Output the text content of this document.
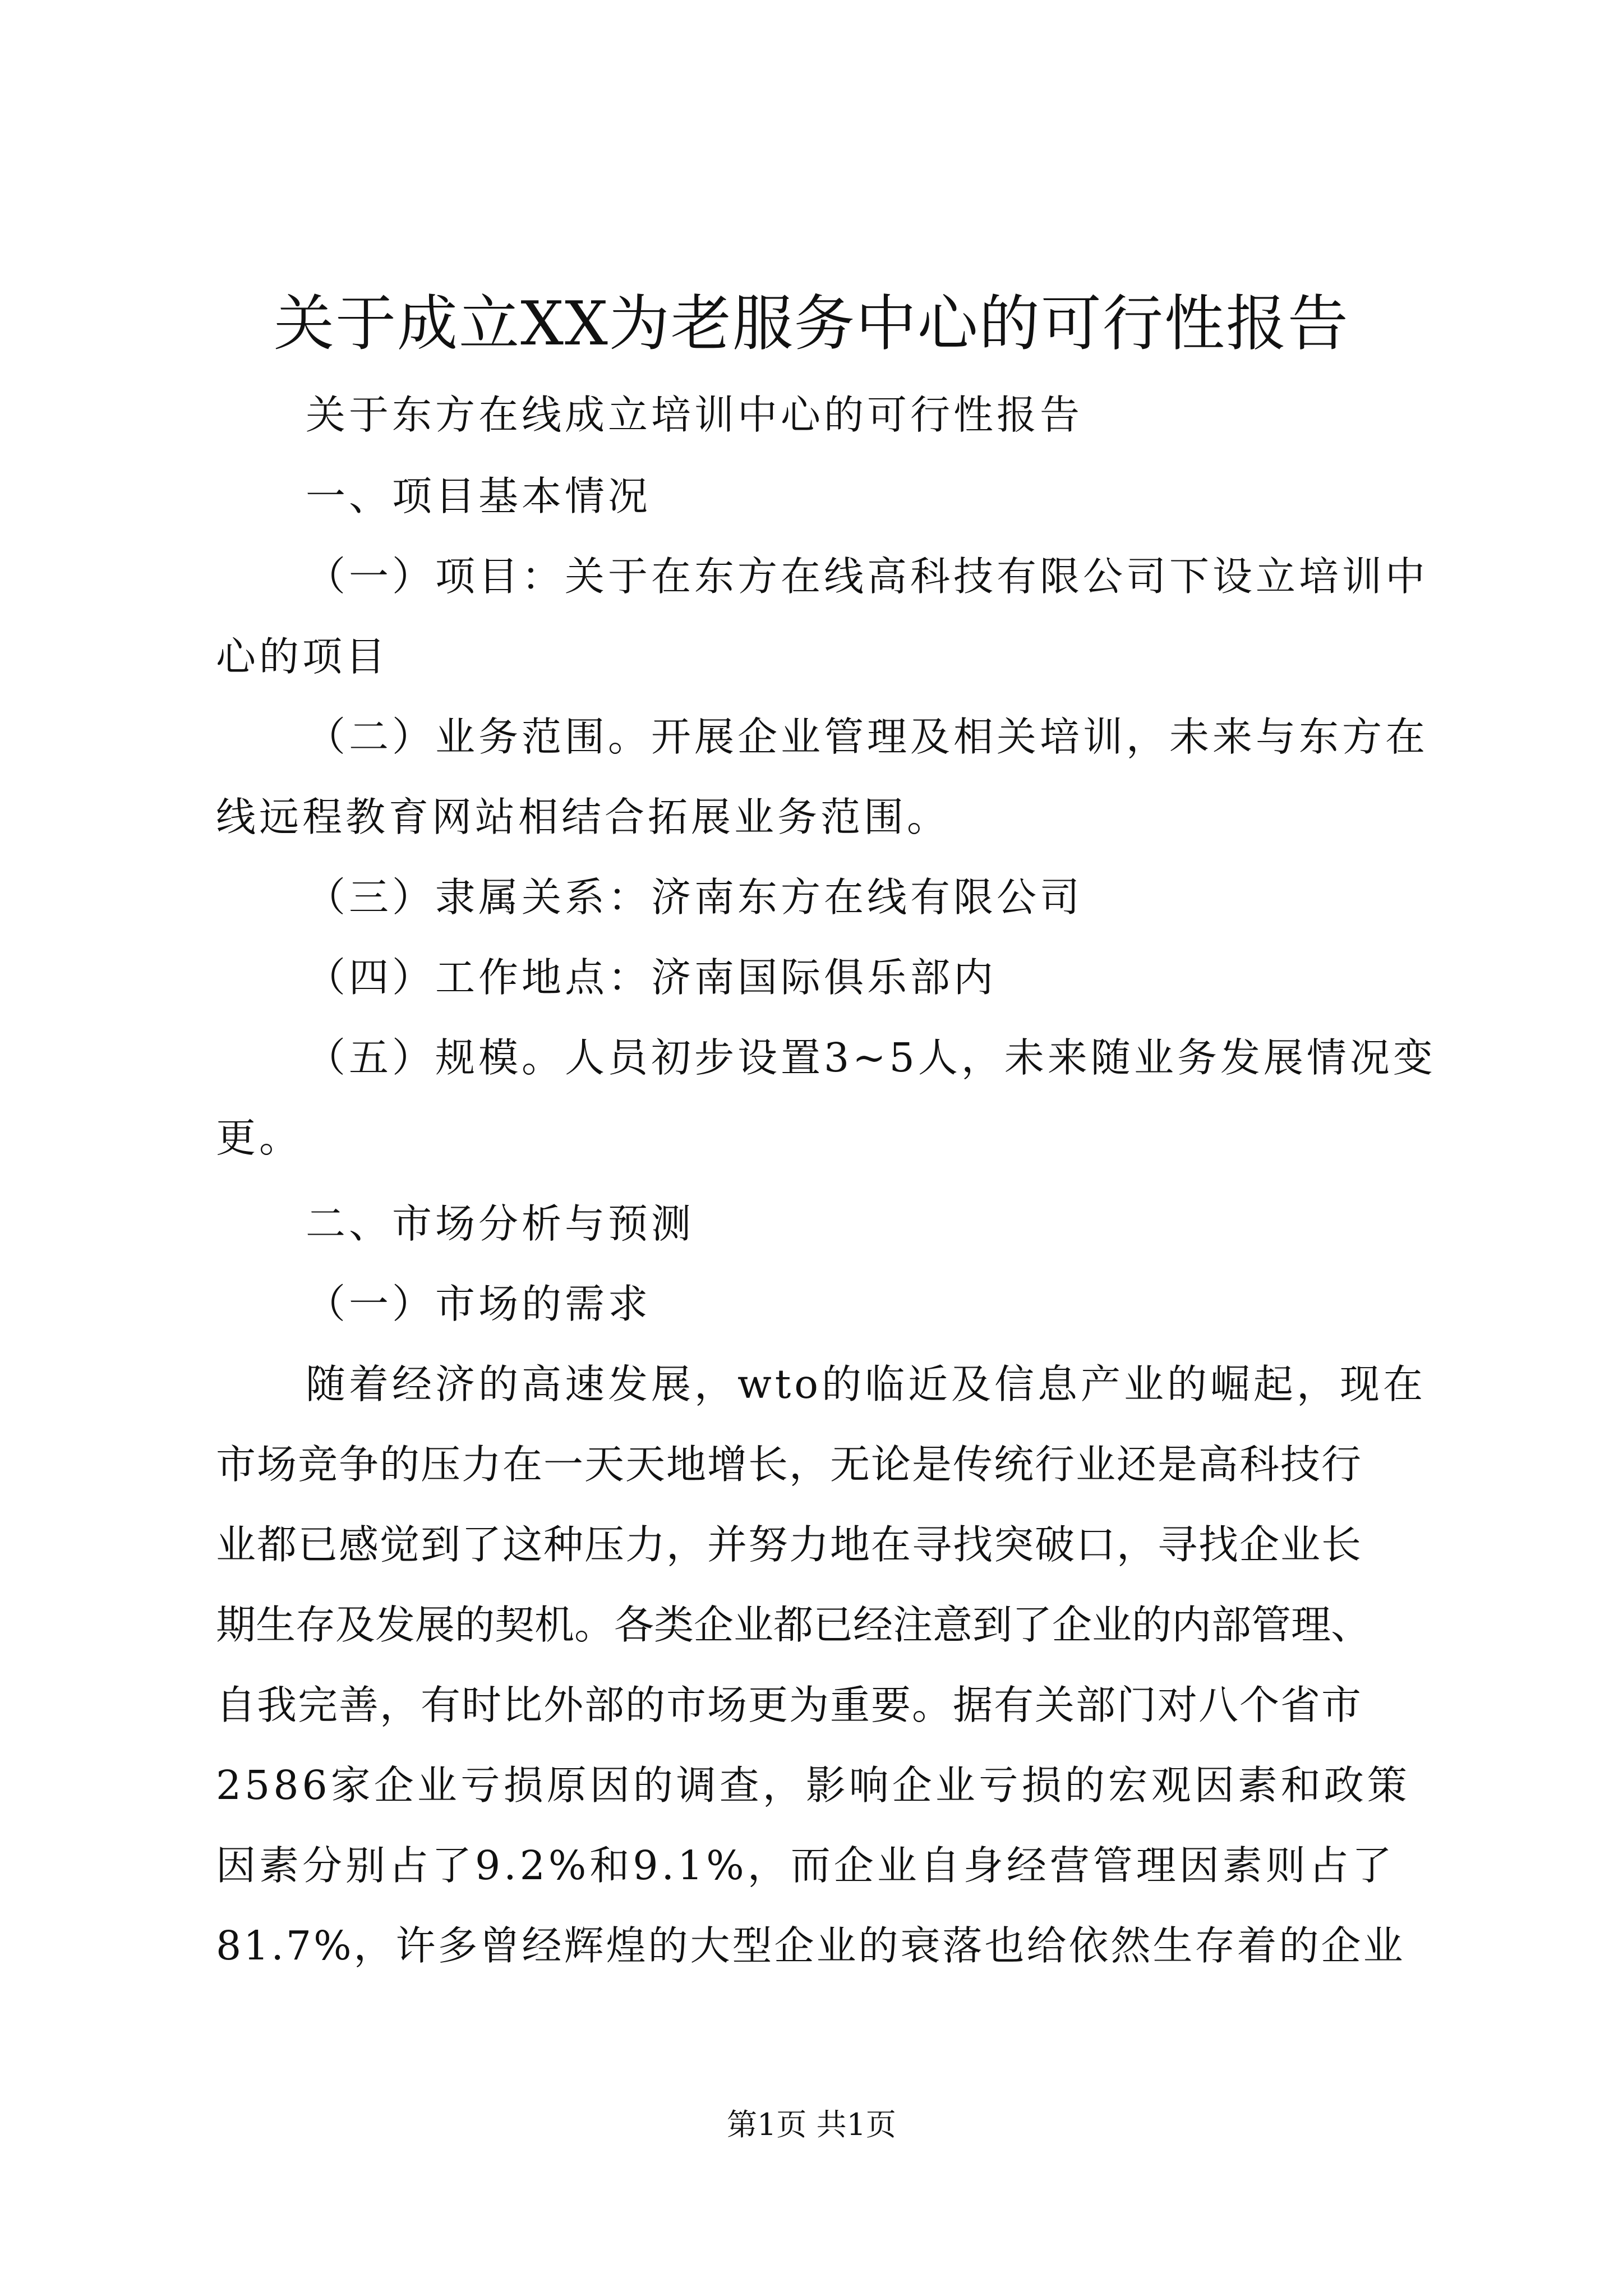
关于成立XX为老服务中心的可行性报告
关于东方在线成立培训中心的可行性报告
一、项目基本情况
（一）项目：关于在东方在线高科技有限公司下设立培训中
心的项目
（二）业务范围。开展企业管理及相关培训，未来与东方在
线远程教育网站相结合拓展业务范围。
（三）隶属关系：济南东方在线有限公司
（四）工作地点：济南国际俱乐部内
（五）规模。人员初步设置3~5人，未来随业务发展情况变
更。
二、市场分析与预测
（一）市场的需求
随着经济的高速发展，wto的临近及信息产业的崛起，现在
市场竞争的压力在一天天地增长，无论是传统行业还是高科技行
业都已感觉到了这种压力，并努力地在寻找突破口，寻找企业长
期生存及发展的契机。各类企业都已经注意到了企业的内部管理、
自我完善，有时比外部的市场更为重要。据有关部门对八个省市
2586家企业亏损原因的调查，影响企业亏损的宏观因素和政策
因素分别占了9.2%和9.1%，而企业自身经营管理因素则占了
81.7%，许多曾经辉煌的大型企业的衰落也给依然生存着的企业
第1页 共1页
